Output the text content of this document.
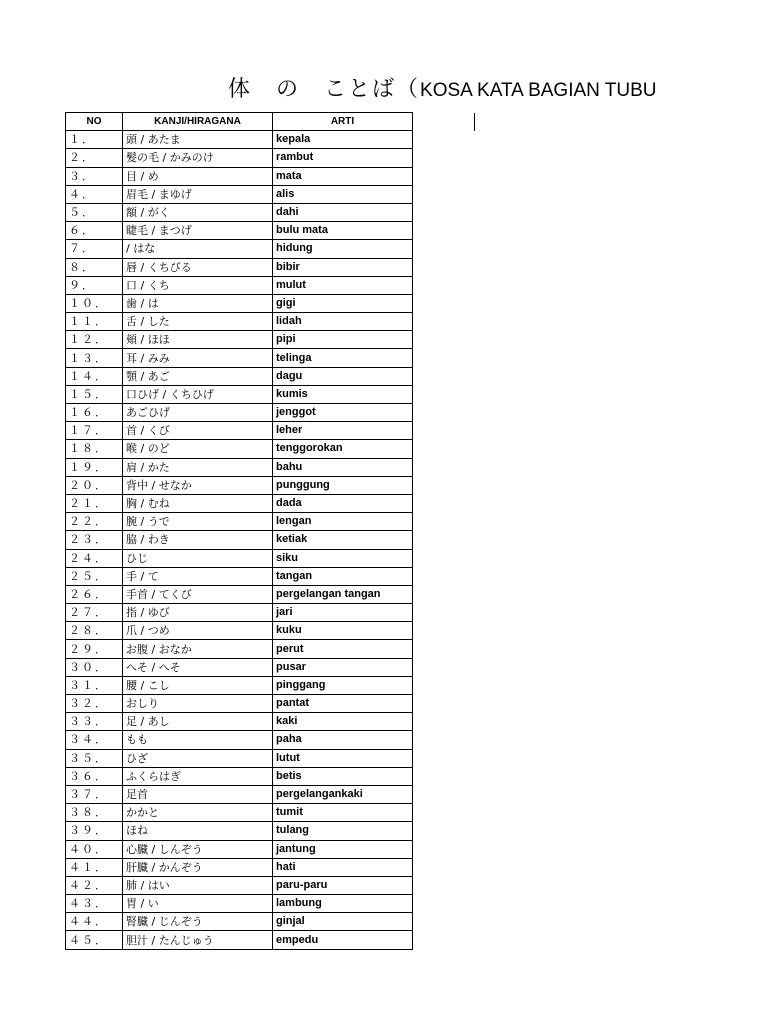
体　の　ことば（KOSA KATA BAGIAN TUBU
NO	KANJI/HIRAGANA	ARTI
１．	頭 / あたま	kepala
２．	髪の毛 / かみのけ	rambut
３．	目 / め	mata
４．	眉毛 / まゆげ	alis
５．	額 / がく	dahi
６．	睫毛 / まつげ	bulu mata
７．	/ はな	hidung
８．	唇 / くちびる	bibir
９．	口 / くち	mulut
１０．	歯 / は	gigi
１１．	舌 / した	lidah
１２．	頬 / ほほ	pipi
１３．	耳 / みみ	telinga
１４．	顎 / あご	dagu
１５．	口ひげ / くちひげ	kumis
１６．	あごひげ	jenggot
１７．	首 / くび	leher
１８．	喉 / のど	tenggorokan
１９．	肩 / かた	bahu
２０．	背中 / せなか	punggung
２１．	胸 / むね	dada
２２．	腕 / うで	lengan
２３．	脇 / わき	ketiak
２４．	ひじ	siku
２５．	手 / て	tangan
２６．	手首 / てくび	pergelangan tangan
２７．	指 / ゆび	jari
２８．	爪 / つめ	kuku
２９．	お腹 / おなか	perut
３０．	へそ / へそ	pusar
３１．	腰 / こし	pinggang
３２．	おしり	pantat
３３．	足 / あし	kaki
３４．	もも	paha
３５．	ひざ	lutut
３６．	ふくらはぎ	betis
３７．	足首	pergelangankaki
３８．	かかと	tumit
３９．	ほね	tulang
４０．	心臓 / しんぞう	jantung
４１．	肝臓 / かんぞう	hati
４２．	肺 / はい	paru-paru
４３．	胃 / い	lambung
４４．	腎臓 / じんぞう	ginjal
４５．	胆汁 / たんじゅう	empedu
